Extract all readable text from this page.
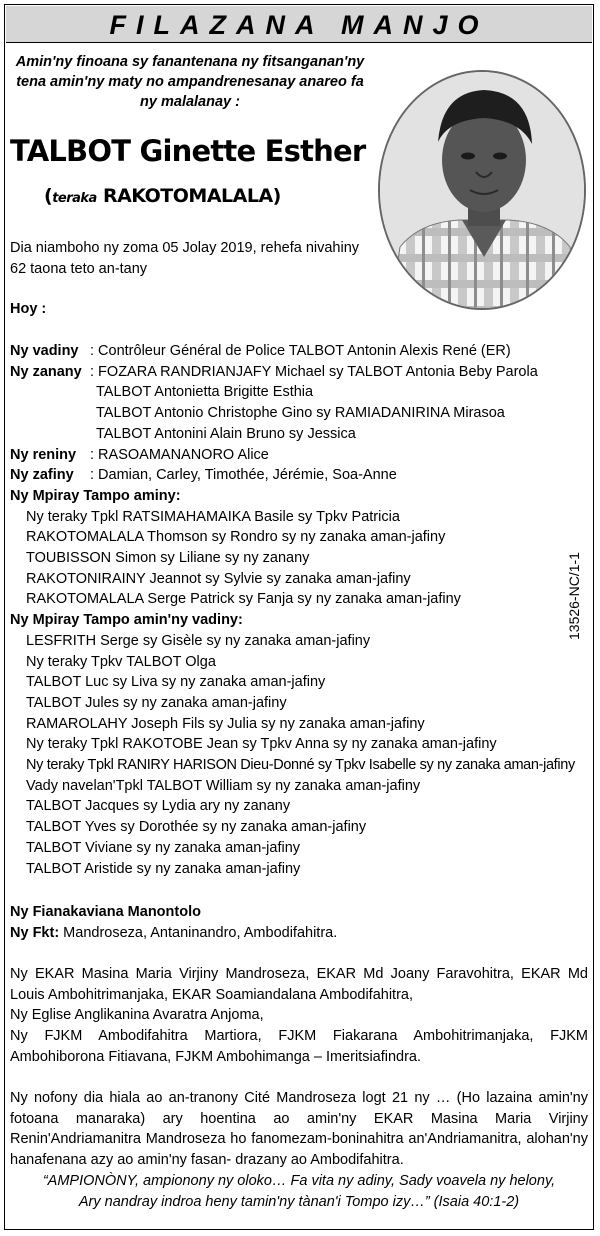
FILAZANA MANJO
Amin'ny finoana sy fanantenana ny fitsanganan'ny tena amin'ny maty no ampandrenesanay anareo fa ny malalanay :
TALBOT Ginette Esther
(teraka RAKOTOMALALA)
Dia niamboho ny zoma 05 Jolay 2019, rehefa nivahiny 62 taona teto an-tany
Hoy :
Ny vadiny : Contrôleur Général de Police TALBOT Antonin Alexis René (ER)
Ny zanany : FOZARA RANDRIANJAFY Michael sy TALBOT Antonia Beby Parola
TALBOT Antonietta Brigitte Esthia
TALBOT Antonio Christophe Gino sy RAMIADANIRINA Mirasoa
TALBOT Antonini Alain Bruno sy Jessica
Ny reniny : RASOAMANANORO Alice
Ny zafiny : Damian, Carley, Timothée, Jérémie, Soa-Anne
Ny Mpiray Tampo aminy:
Ny teraky Tpkl RATSIMAHAMAIKA Basile sy Tpkv Patricia
RAKOTOMALALA Thomson sy Rondro sy ny zanaka aman-jafiny
TOUBISSON Simon sy Liliane sy ny zanany
RAKOTONIRAINY Jeannot sy Sylvie sy zanaka aman-jafiny
RAKOTOMALALA Serge Patrick sy Fanja sy ny zanaka aman-jafiny
Ny Mpiray Tampo amin'ny vadiny:
LESFRITH Serge sy Gisèle sy ny zanaka aman-jafiny
Ny teraky Tpkv TALBOT Olga
TALBOT Luc sy Liva sy ny zanaka aman-jafiny
TALBOT Jules sy ny zanaka aman-jafiny
RAMAROLAHY Joseph Fils sy Julia sy ny zanaka aman-jafiny
Ny teraky Tpkl RAKOTOBE Jean sy Tpkv Anna sy ny zanaka aman-jafiny
Ny teraky Tpkl RANIRY HARISON Dieu-Donné sy Tpkv Isabelle sy ny zanaka aman-jafiny
Vady navelan'Tpkl TALBOT William sy ny zanaka aman-jafiny
TALBOT Jacques sy Lydia ary ny zanany
TALBOT Yves sy Dorothée sy ny zanaka aman-jafiny
TALBOT Viviane sy ny zanaka aman-jafiny
TALBOT Aristide sy ny zanaka aman-jafiny
13526-NC/1-1
Ny Fianakaviana Manontolo
Ny Fkt: Mandroseza, Antaninandro, Ambodifahitra.
Ny EKAR Masina Maria Virjiny Mandroseza, EKAR Md Joany Faravohitra, EKAR Md Louis Ambohitrimanjaka, EKAR Soamiandalana Ambodifahitra,
Ny Eglise Anglikanina Avaratra Anjoma,
Ny FJKM Ambodifahitra Martiora, FJKM Fiakarana Ambohitrimanjaka, FJKM Ambohiborona Fitiavana, FJKM Ambohimanga – Imeritsiafindra.
Ny nofony dia hiala ao an-tranony Cité Mandroseza logt 21 ny … (Ho lazaina amin'ny fotoana manaraka) ary hoentina ao amin'ny EKAR Masina Maria Virjiny Renin'Andriamanitra Mandroseza ho fanomezam-boninahitra an'Andriamanitra, alohan'ny hanafenana azy ao amin'ny fasan- drazany ao Ambodifahitra.
“AMPIONÒNY, ampionony ny oloko… Fa vita ny adiny, Sady voavela ny helony,
Ary nandray indroa heny tamin'ny tànan'i Tompo izy…” (Isaia 40:1-2)
